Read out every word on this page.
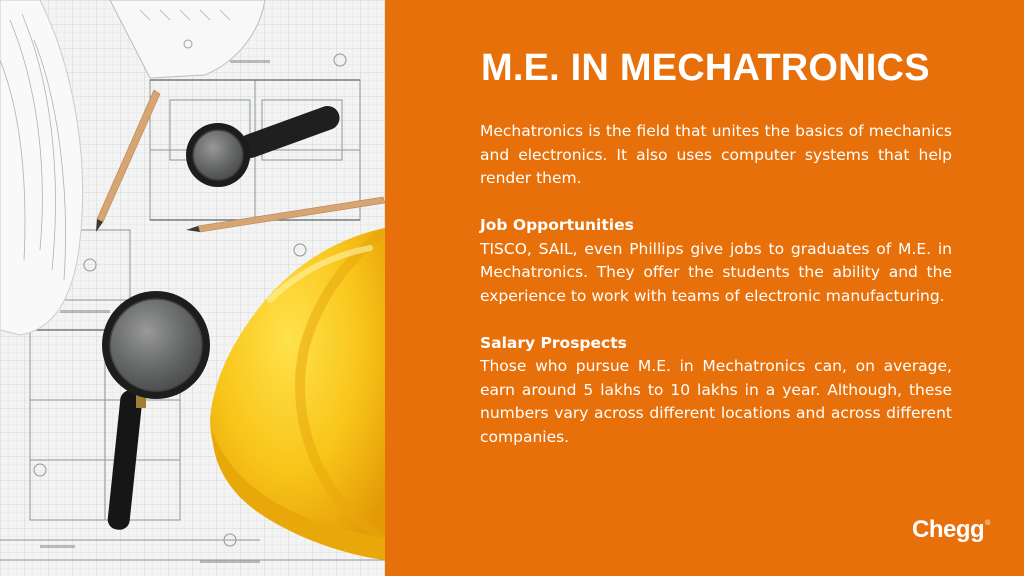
M.E. IN MECHATRONICS

Mechatronics is the field that unites the basics of mechanics and electronics. It also uses computer systems that help render them.

Job Opportunities

TISCO, SAIL, even Phillips give jobs to graduates of M.E. in Mechatronics. They offer the students the ability and the experience to work with teams of electronic manufacturing.

Salary Prospects

Those who pursue M.E. in Mechatronics can, on average, earn around 5 lakhs to 10 lakhs in a year. Although, these numbers vary across different locations and across different companies.

Chegg®
